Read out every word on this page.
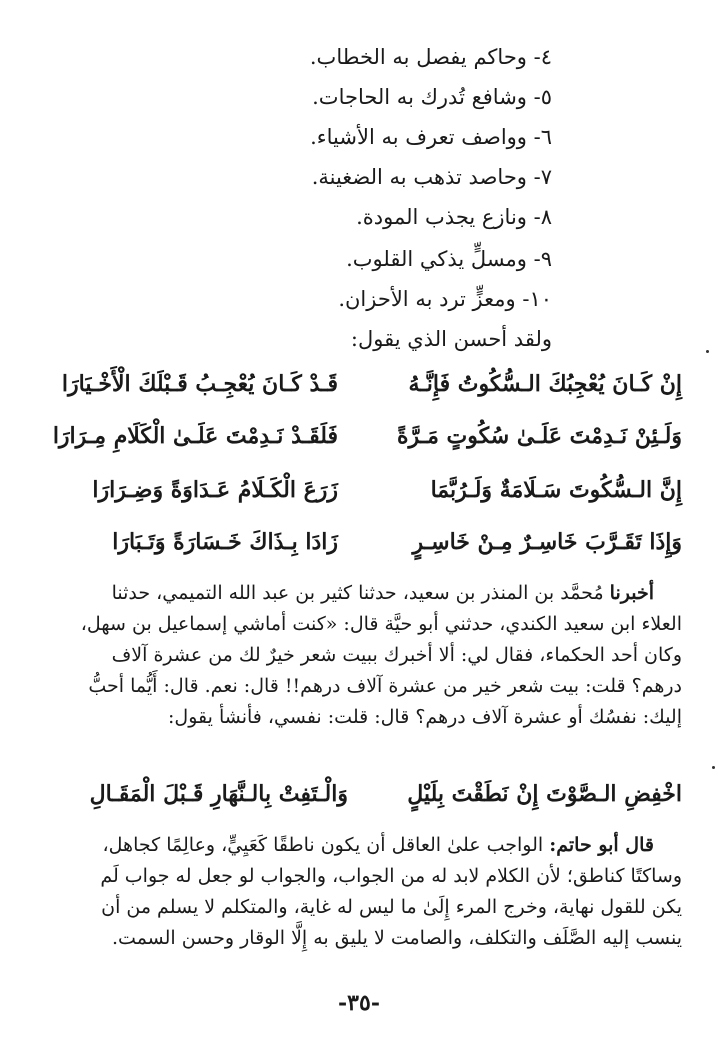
٤- وحاكم يفصل به الخطاب.
٥- وشافع تُدرك به الحاجات.
٦- وواصف تعرف به الأشياء.
٧- وحاصد تذهب به الضغينة.
٨- ونازع يجذب المودة.
٩- ومسلٍّ يذكي القلوب.
١٠- ومعزٍّ ترد به الأحزان.
ولقد أحسن الذي يقول:
إِنْ كَـانَ يُعْجِبُكَ الـسُّكُوتُ فَإِنَّـهُ
قَـدْ كَـانَ يُعْجِـبُ قَـبْلَكَ الْأَخْـيَارَا
وَلَـئِنْ نَـدِمْتَ عَلَـىٰ سُكُوتٍ مَـرَّةً
فَلَقَـدْ نَـدِمْتَ عَلَـىٰ الْكَلَامِ مِـرَارَا
إِنَّ الـسُّكُوتَ سَـلَامَةٌ وَلَـرُبَّمَا
زَرَعَ الْكَـلَامُ عَـدَاوَةً وَضِـرَارَا
وَإِذَا تَقَـرَّبَ خَاسِـرٌ مِـنْ خَاسِـرٍ
زَادَا بِـذَاكَ خَـسَارَةً وَتَـبَارَا
أخبرنا مُحمَّد بن المنذر بن سعيد، حدثنا كثير بن عبد الله التميمي، حدثنا
العلاء ابن سعيد الكندي، حدثني أبو حيَّة قال: «كنت أماشي إسماعيل بن سهل،
وكان أحد الحكماء، فقال لي: ألا أخبرك ببيت شعر خيرٌ لك من عشرة آلاف
درهم؟ قلت: بيت شعر خير من عشرة آلاف درهم!! قال: نعم. قال: أَيُّما أحبُّ
إليك: نفسُك أو عشرة آلاف درهم؟ قال: قلت: نفسي، فأنشأ يقول:
اخْفِضِ الـصَّوْتَ إِنْ نَطَقْتَ بِلَيْلٍ
وَالْـتَفِتْ بِالـنَّهَارِ قَـبْلَ الْمَقَـالِ
قال أبو حاتم: الواجب علىٰ العاقل أن يكون ناطقًا كَعَيِيٍّ، وعالِمًا كجاهل،
وساكتًا كناطق؛ لأن الكلام لابد له من الجواب، والجواب لو جعل له جواب لَم
يكن للقول نهاية، وخرج المرء إِلَىٰ ما ليس له غاية، والمتكلم لا يسلم من أن
ينسب إليه الصَّلَف والتكلف، والصامت لا يليق به إِلَّا الوقار وحسن السمت.
-٣٥-
